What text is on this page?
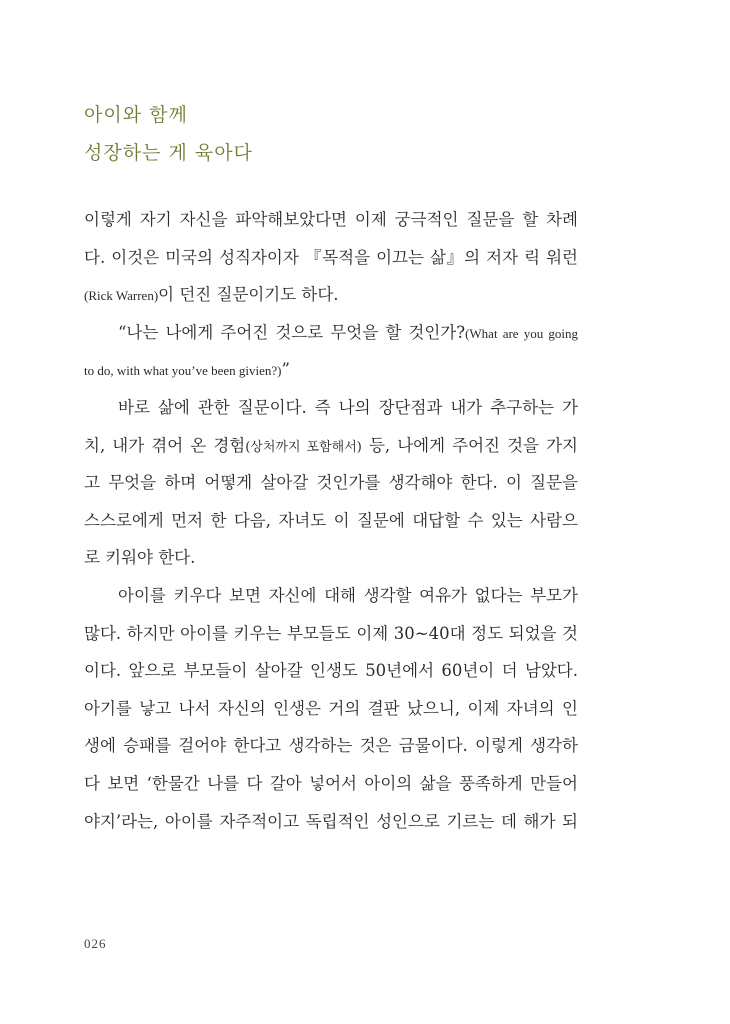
아이와 함께
성장하는 게 육아다
이렇게 자기 자신을 파악해보았다면 이제 궁극적인 질문을 할 차례
다. 이것은 미국의 성직자이자 『목적을 이끄는 삶』의 저자 릭 워런
(Rick Warren)이 던진 질문이기도 하다.
“나는 나에게 주어진 것으로 무엇을 할 것인가?(What are you going
to do, with what you’ve been givien?)”
바로 삶에 관한 질문이다. 즉 나의 장단점과 내가 추구하는 가
치, 내가 겪어 온 경험(상처까지 포함해서) 등, 나에게 주어진 것을 가지
고 무엇을 하며 어떻게 살아갈 것인가를 생각해야 한다. 이 질문을
스스로에게 먼저 한 다음, 자녀도 이 질문에 대답할 수 있는 사람으
로 키워야 한다.
아이를 키우다 보면 자신에 대해 생각할 여유가 없다는 부모가
많다. 하지만 아이를 키우는 부모들도 이제 30~40대 정도 되었을 것
이다. 앞으로 부모들이 살아갈 인생도 50년에서 60년이 더 남았다.
아기를 낳고 나서 자신의 인생은 거의 결판 났으니, 이제 자녀의 인
생에 승패를 걸어야 한다고 생각하는 것은 금물이다. 이렇게 생각하
다 보면 ‘한물간 나를 다 갈아 넣어서 아이의 삶을 풍족하게 만들어
야지’라는, 아이를 자주적이고 독립적인 성인으로 기르는 데 해가 되
026
